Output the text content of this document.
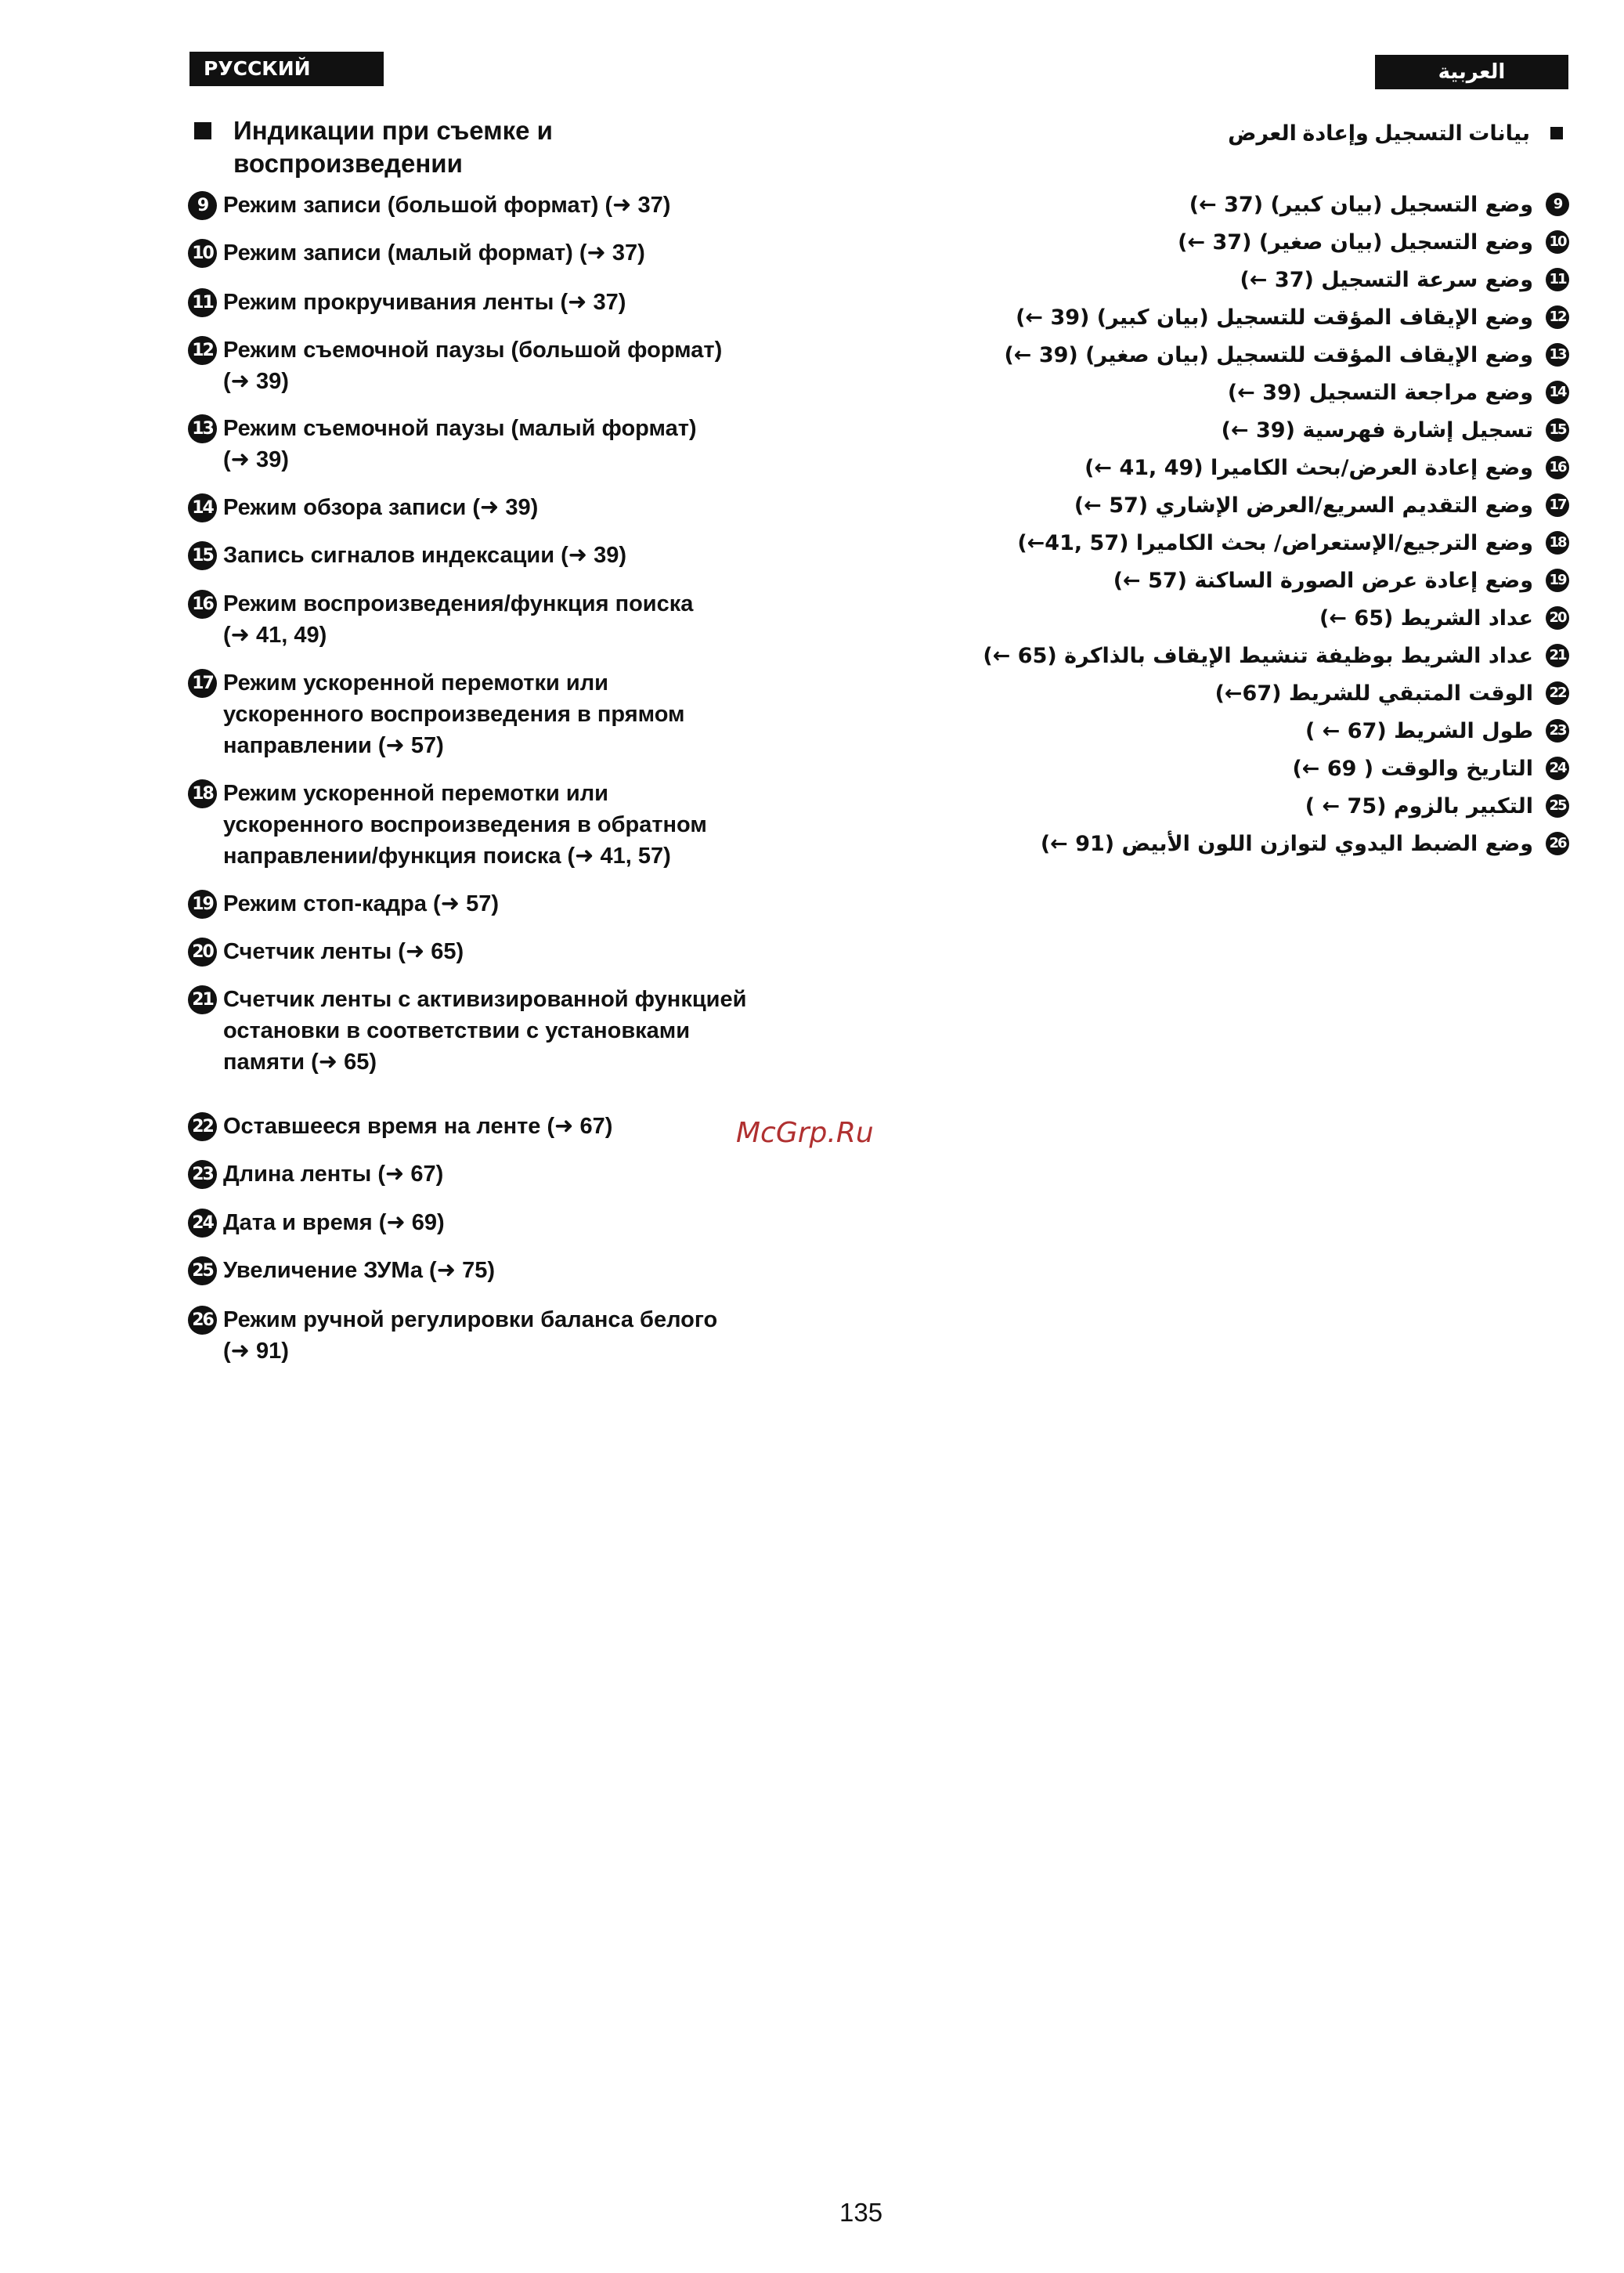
РУССКИЙ ЯЗЫК
العربية
Индикации при съемке и
воспроизведении
9 Режим записи (большой формат) (➜ 37)
10 Режим записи (малый формат) (➜ 37)
11 Режим прокручивания ленты (➜ 37)
12 Режим съемочной паузы (большой формат)
(➜ 39)
13 Режим съемочной паузы (малый формат)
(➜ 39)
14 Режим обзора записи (➜ 39)
15 Запись сигналов индексации (➜ 39)
16 Режим воспроизведения/функция поиска
(➜ 41, 49)
17 Режим ускоренной перемотки или
ускоренного воспроизведения в прямом
направлении (➜ 57)
18 Режим ускоренной перемотки или
ускоренного воспроизведения в обратном
направлении/функция поиска (➜ 41, 57)
19 Режим стоп-кадра (➜ 57)
20 Счетчик ленты (➜ 65)
21 Счетчик ленты с активизированной функцией
остановки в соответствии с установками
памяти (➜ 65)
22 Оставшееся время на ленте (➜ 67)
23 Длина ленты (➜ 67)
24 Дата и время (➜ 69)
25 Увеличение ЗУМа (➜ 75)
26 Режим ручной регулировки баланса белого
(➜ 91)
بيانات التسجيل وإعادة العرض
9
وضع التسجيل (بيان كبير) (37 ←)
10
وضع التسجيل (بيان صغير) (37 ←)
11
وضع سرعة التسجيل (37 ←)
12
وضع الإيقاف المؤقت للتسجيل (بيان كبير) (39 ←)
13
وضع الإيقاف المؤقت للتسجيل (بيان صغير) (39 ←)
14
وضع مراجعة التسجيل (39 ←)
15
تسجيل إشارة فهرسية (39 ←)
16
وضع إعادة العرض/بحث الكاميرا (49 ,41 ←)
17
وضع التقديم السريع/العرض الإشاري (57 ←)
18
وضع الترجيع/الإستعراض/ بحث الكاميرا (57 ,41←)
19
وضع إعادة عرض الصورة الساكنة (57 ←)
20
عداد الشريط (65 ←)
21
عداد الشريط بوظيفة تنشيط الإيقاف بالذاكرة (65 ←)
22
الوقت المتبقي للشريط (67←)
23
طول الشريط (67 ← )
24
التاريخ والوقت ( 69 ←)
25
التكبير بالزوم (75 ← )
26
وضع الضبط اليدوي لتوازن اللون الأبيض (91 ←)
McGrp.Ru
135
